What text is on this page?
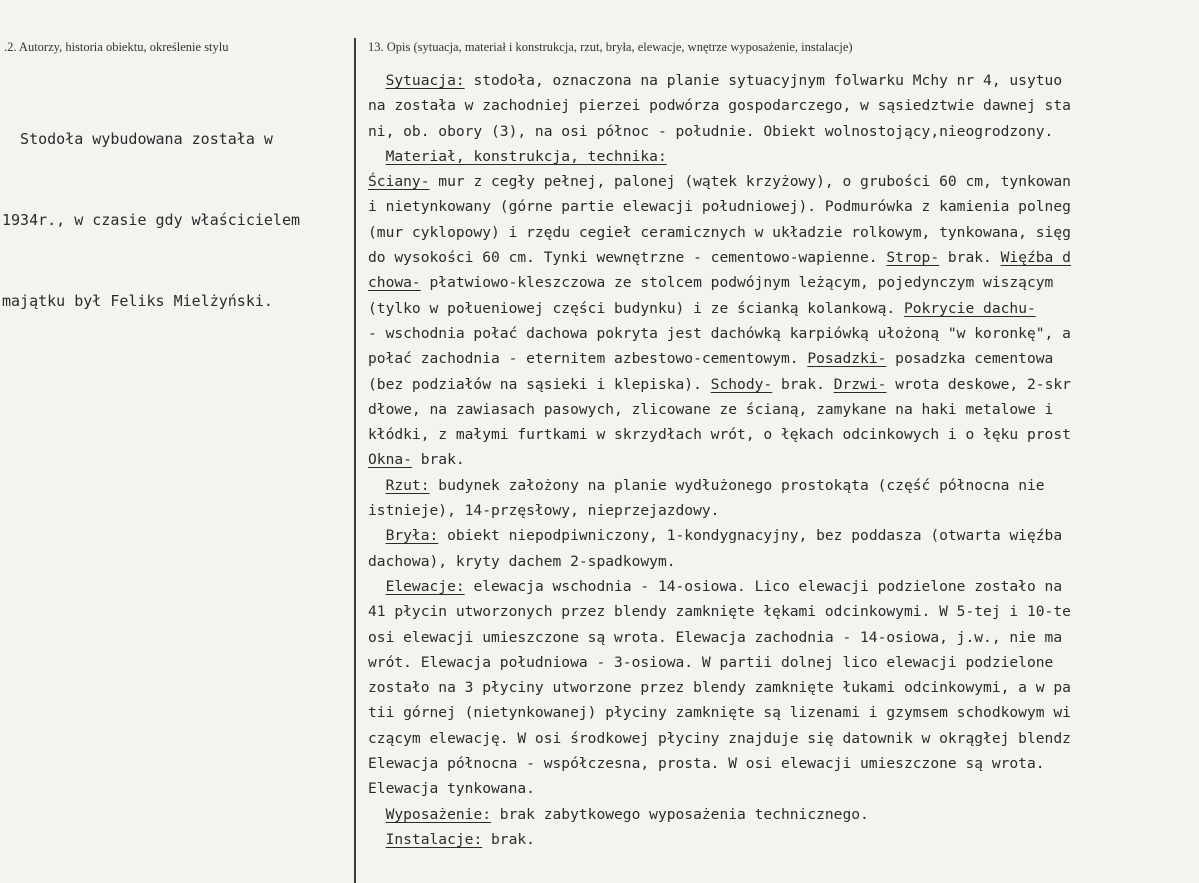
.2. Autorzy, historia obiektu, określenie stylu	13. Opis (sytuacja, materiał i konstrukcja, rzut, bryła, elewacje, wnętrze wyposażenie, instalacje)

Stodoła wybudowana została w

1934r., w czasie gdy właścicielem

majątku był Feliks Mielżyński.

Sytuacja: stodoła, oznaczona na planie sytuacyjnym folwarku Mchy nr 4, usytuo
na została w zachodniej pierzei podwórza gospodarczego, w sąsiedztwie dawnej sta
ni, ob. obory (3), na osi północ - południe. Obiekt wolnostojący,nieogrodzony.
Materiał, konstrukcja, technika:
Ściany- mur z cegły pełnej, palonej (wątek krzyżowy), o grubości 60 cm, tynkowan
i nietynkowany (górne partie elewacji południowej). Podmurówka z kamienia polneg
(mur cyklopowy) i rzędu cegieł ceramicznych w układzie rolkowym, tynkowana, sięg
do wysokości 60 cm. Tynki wewnętrzne - cementowo-wapienne. Strop- brak. Więźba d
chowa- płatwiowo-kleszczowa ze stolcem podwójnym leżącym, pojedynczym wiszącym
(tylko w połueniowej części budynku) i ze ścianką kolankową. Pokrycie dachu-
- wschodnia połać dachowa pokryta jest dachówką karpiówką ułożoną "w koronkę", a
połać zachodnia - eternitem azbestowo-cementowym. Posadzki- posadzka cementowa
(bez podziałów na sąsieki i klepiska). Schody- brak. Drzwi- wrota deskowe, 2-skr
dłowe, na zawiasach pasowych, zlicowane ze ścianą, zamykane na haki metalowe i
kłódki, z małymi furtkami w skrzydłach wrót, o łękach odcinkowych i o łęku prost
Okna- brak.
Rzut: budynek założony na planie wydłużonego prostokąta (część północna nie
istnieje), 14-przęsłowy, nieprzejazdowy.
Bryła: obiekt niepodpiwniczony, 1-kondygnacyjny, bez poddasza (otwarta więźba
dachowa), kryty dachem 2-spadkowym.
Elewacje: elewacja wschodnia - 14-osiowa. Lico elewacji podzielone zostało na
41 płycin utworzonych przez blendy zamknięte łękami odcinkowymi. W 5-tej i 10-te
osi elewacji umieszczone są wrota. Elewacja zachodnia - 14-osiowa, j.w., nie ma
wrót. Elewacja południowa - 3-osiowa. W partii dolnej lico elewacji podzielone
zostało na 3 płyciny utworzone przez blendy zamknięte łukami odcinkowymi, a w pa
tii górnej (nietynkowanej) płyciny zamknięte są lizenami i gzymsem schodkowym wi
czącym elewację. W osi środkowej płyciny znajduje się datownik w okrągłej blendz
Elewacja północna - współczesna, prosta. W osi elewacji umieszczone są wrota.
Elewacja tynkowana.
Wyposażenie: brak zabytkowego wyposażenia technicznego.
Instalacje: brak.
